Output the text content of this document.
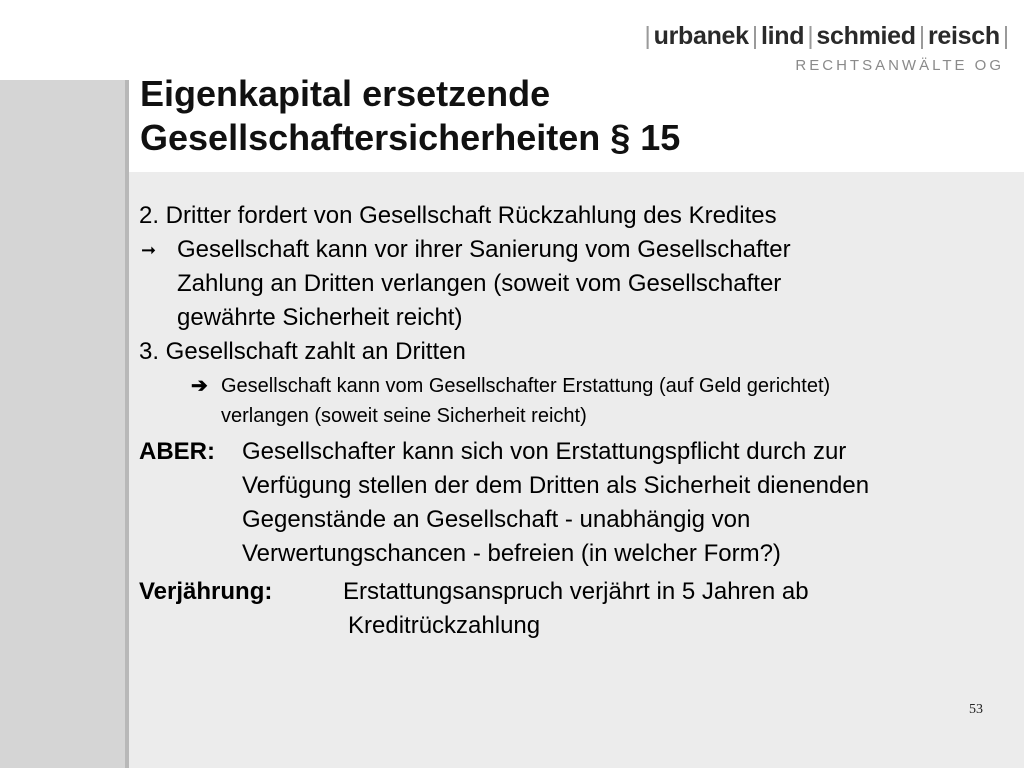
| urbanek | lind | schmied | reisch |
RECHTSANWÄLTE OG
Eigenkapital ersetzende
Gesellschaftersicherheiten § 15

2. Dritter fordert von Gesellschaft Rückzahlung des Kredites

➞ Gesellschaft kann vor ihrer Sanierung vom Gesellschafter
Zahlung an Dritten verlangen (soweit vom Gesellschafter
gewährte Sicherheit reicht)

3. Gesellschaft zahlt an Dritten

➔ Gesellschaft kann vom Gesellschafter Erstattung (auf Geld gerichtet)
verlangen (soweit seine Sicherheit reicht)
ABER:	Gesellschafter kann sich von Erstattungspflicht durch zur
Verfügung stellen der dem Dritten als Sicherheit dienenden
Gegenstände an Gesellschaft - unabhängig von
Verwertungschancen - befreien (in welcher Form?)
Verjährung:	Erstattungsanspruch verjährt in 5 Jahren ab
Kreditrückzahlung
53
